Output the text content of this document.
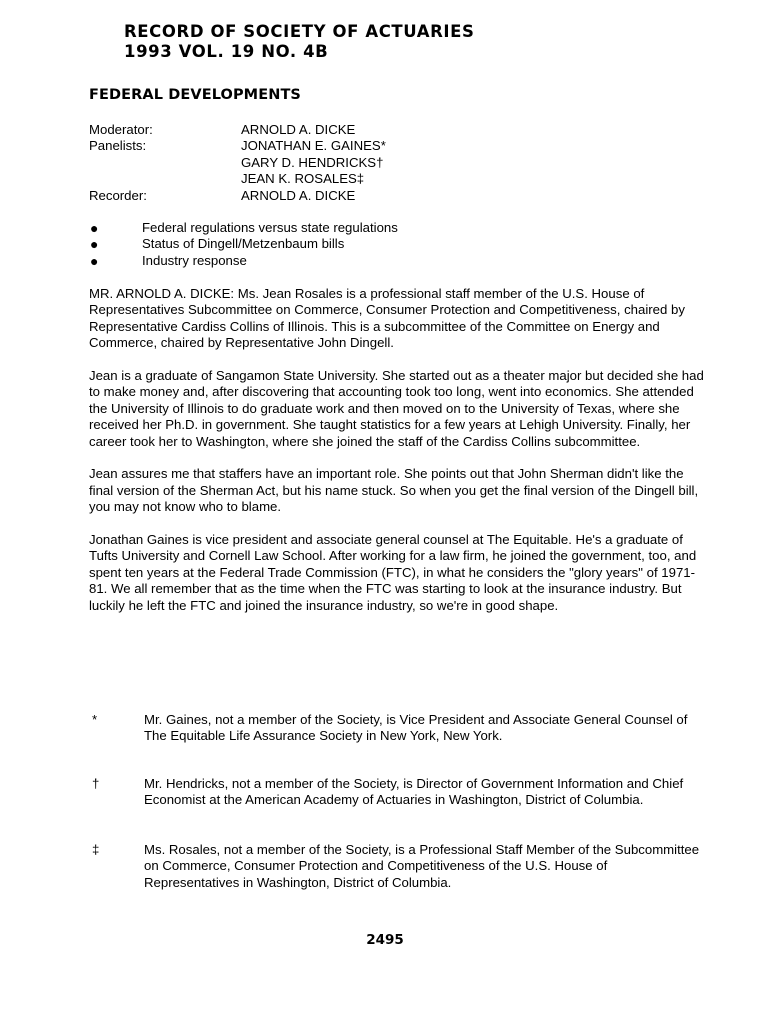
RECORD OF SOCIETY OF ACTUARIES
1993 VOL. 19 NO. 4B
FEDERAL DEVELOPMENTS
Moderator:	ARNOLD A. DICKE
Panelists:	JONATHAN E. GAINES*
GARY D. HENDRICKS†
JEAN K. ROSALES‡
Recorder:	ARNOLD A. DICKE
●	Federal regulations versus state regulations
●	Status of Dingell/Metzenbaum bills
●	Industry response

MR. ARNOLD A. DICKE: Ms. Jean Rosales is a professional staff member of the U.S. House of Representatives Subcommittee on Commerce, Consumer Protection and Competitiveness, chaired by Representative Cardiss Collins of Illinois. This is a subcommittee of the Committee on Energy and Commerce, chaired by Representative John Dingell.

Jean is a graduate of Sangamon State University. She started out as a theater major but decided she had to make money and, after discovering that accounting took too long, went into economics. She attended the University of Illinois to do graduate work and then moved on to the University of Texas, where she received her Ph.D. in government. She taught statistics for a few years at Lehigh University. Finally, her career took her to Washington, where she joined the staff of the Cardiss Collins subcommittee.

Jean assures me that staffers have an important role. She points out that John Sherman didn't like the final version of the Sherman Act, but his name stuck. So when you get the final version of the Dingell bill, you may not know who to blame.

Jonathan Gaines is vice president and associate general counsel at The Equitable. He's a graduate of Tufts University and Cornell Law School. After working for a law firm, he joined the government, too, and spent ten years at the Federal Trade Commission (FTC), in what he considers the "glory years" of 1971-81. We all remember that as the time when the FTC was starting to look at the insurance industry. But luckily he left the FTC and joined the insurance industry, so we're in good shape.

*	Mr. Gaines, not a member of the Society, is Vice President and Associate General Counsel of The Equitable Life Assurance Society in New York, New York.
†	Mr. Hendricks, not a member of the Society, is Director of Government Information and Chief Economist at the American Academy of Actuaries in Washington, District of Columbia.
‡	Ms. Rosales, not a member of the Society, is a Professional Staff Member of the Subcommittee on Commerce, Consumer Protection and Competitiveness of the U.S. House of Representatives in Washington, District of Columbia.
2495
